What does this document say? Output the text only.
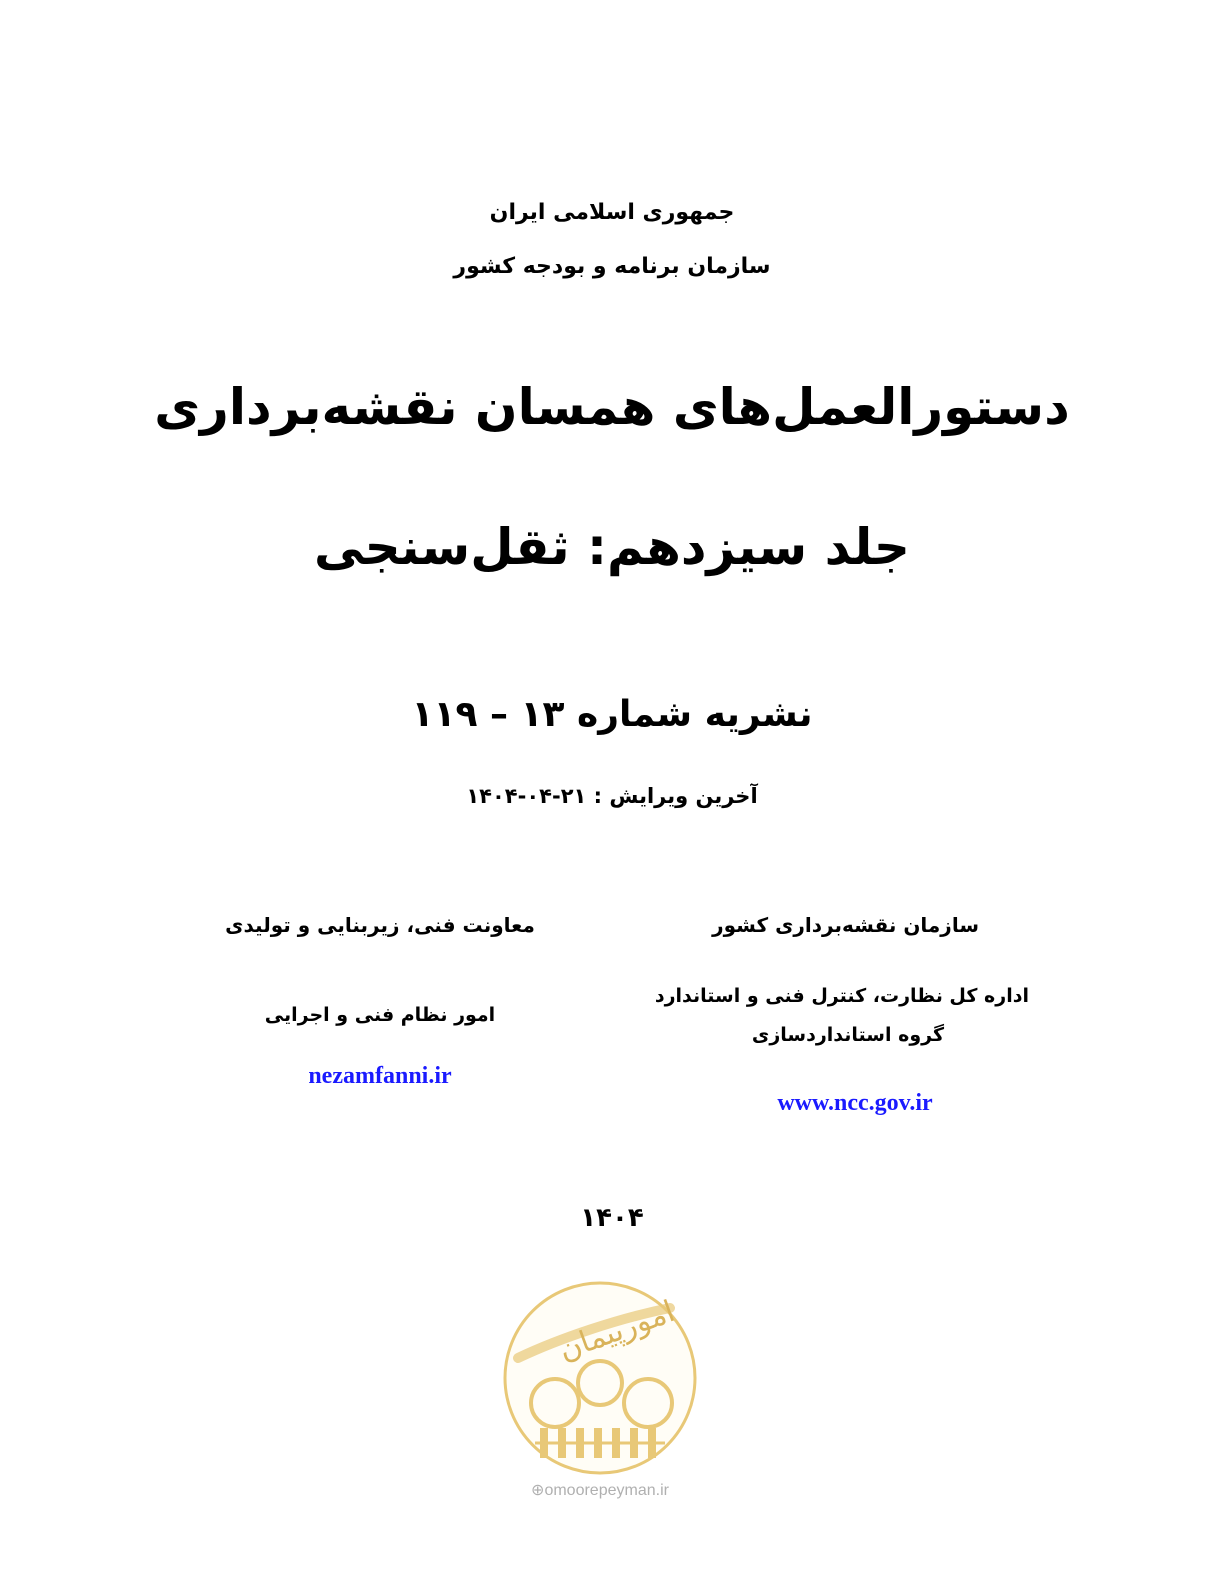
جمهوری اسلامی ایران
سازمان برنامه و بودجه کشور
دستورالعمل‌های همسان نقشه‌برداری
جلد سیزدهم: ثقل‌سنجی
نشریه شماره ۱۳ – ۱۱۹
آخرین ویرایش : ۲۱-۰۴-۱۴۰۴
سازمان نقشه‌برداری کشور
اداره کل نظارت، کنترل فنی و استاندارد
گروه استانداردسازی
www.ncc.gov.ir
معاونت فنی، زیربنایی و تولیدی
امور نظام فنی و اجرایی
nezamfanni.ir
۱۴۰۴
امورپیمان
⊕omoorepeyman.ir
